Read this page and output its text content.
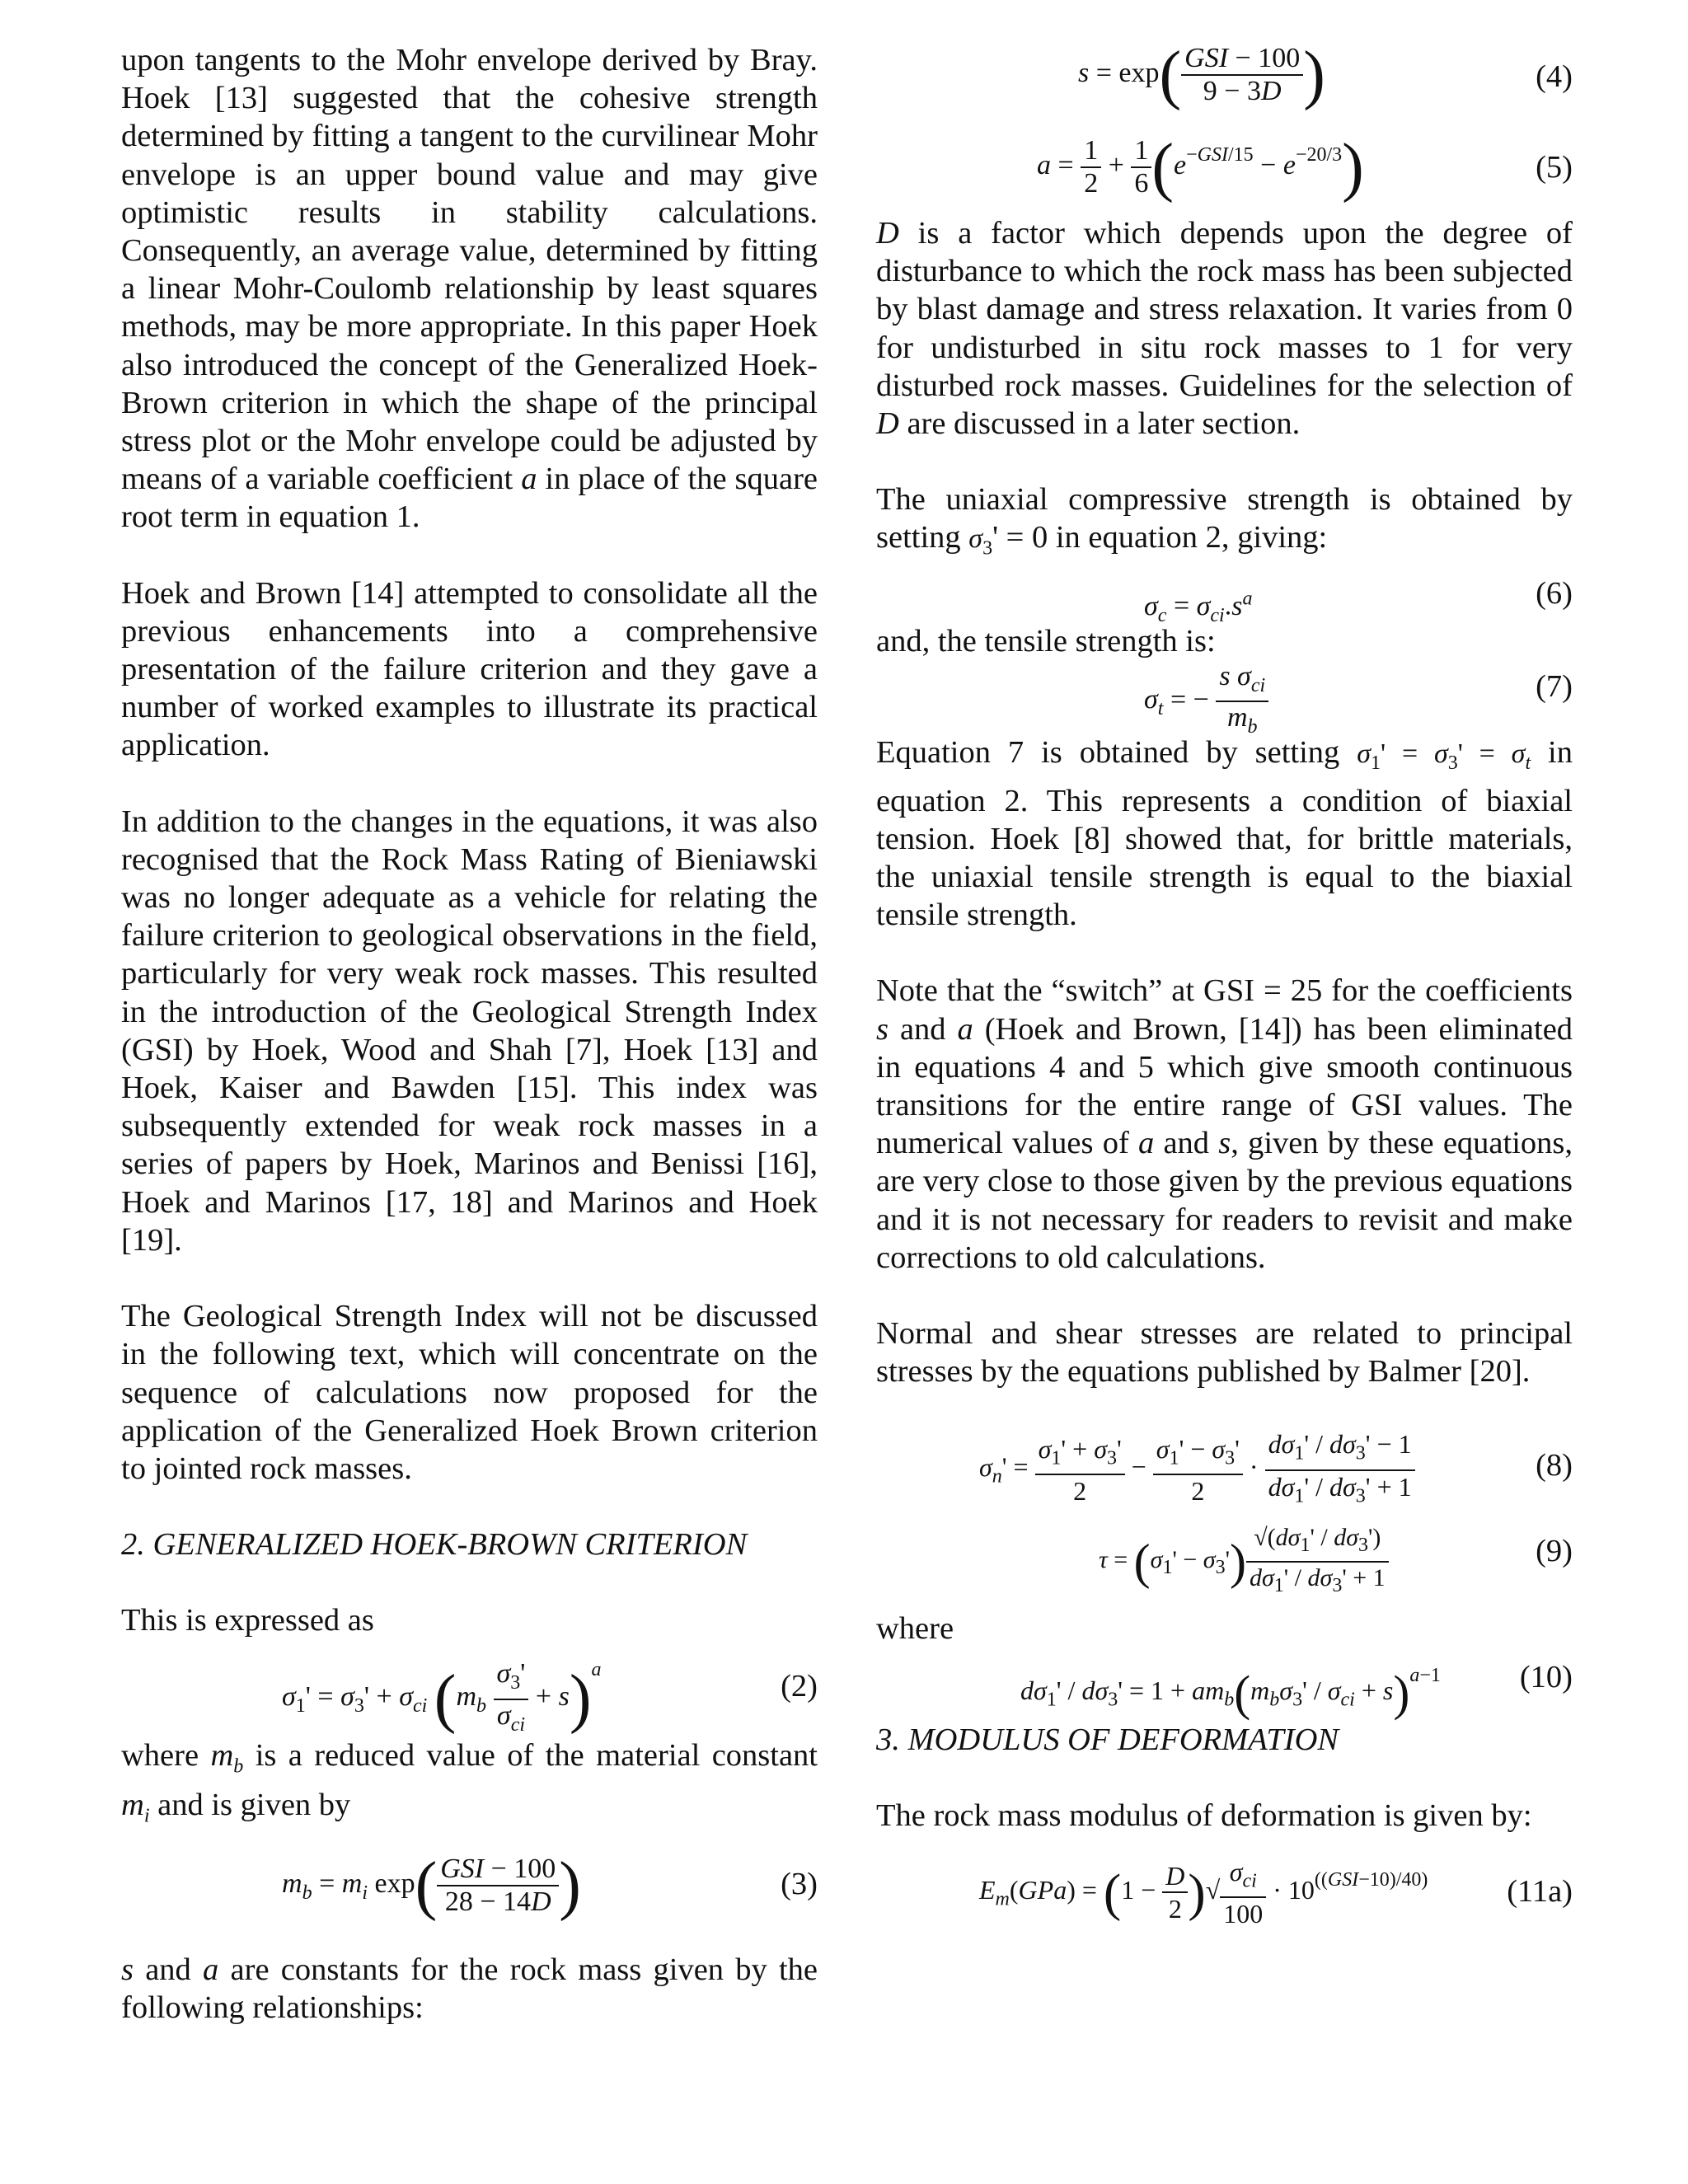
upon tangents to the Mohr envelope derived by Bray. Hoek [13] suggested that the cohesive strength determined by fitting a tangent to the curvilinear Mohr envelope is an upper bound value and may give optimistic results in stability calculations. Consequently, an average value, determined by fitting a linear Mohr-Coulomb relationship by least squares methods, may be more appropriate. In this paper Hoek also introduced the concept of the Generalized Hoek-Brown criterion in which the shape of the principal stress plot or the Mohr envelope could be adjusted by means of a variable coefficient a in place of the square root term in equation 1.

Hoek and Brown [14] attempted to consolidate all the previous enhancements into a comprehensive presentation of the failure criterion and they gave a number of worked examples to illustrate its practical application.

In addition to the changes in the equations, it was also recognised that the Rock Mass Rating of Bieniawski was no longer adequate as a vehicle for relating the failure criterion to geological observations in the field, particularly for very weak rock masses. This resulted in the introduction of the Geological Strength Index (GSI) by Hoek, Wood and Shah [7], Hoek [13] and Hoek, Kaiser and Bawden [15]. This index was subsequently extended for weak rock masses in a series of papers by Hoek, Marinos and Benissi [16], Hoek and Marinos [17, 18] and Marinos and Hoek [19].

The Geological Strength Index will not be discussed in the following text, which will concentrate on the sequence of calculations now proposed for the application of the Generalized Hoek Brown criterion to jointed rock masses.

2. GENERALIZED HOEK-BROWN CRITERION

This is expressed as

$\sigma_1' = \sigma_3' + \sigma_{ci}$ $(m_b \frac{\sigma_3'}{\sigma_{ci}} + s)^a$	(2)

where $m_b$ is a reduced value of the material constant $m_i$ and is given by

$m_b = m_i$ $\exp( \frac{\text{GSI − 100}}{28 - 14D}$ )	(3)

s and a are constants for the rock mass given by the following relationships:

$s = \exp( \frac{\text{GSI − 100}}{9 - 3D}$ )	(4)
$a = \frac{1}{2} + \frac{1}{6} (e^{-GSI/15} - e^{-20/3})$	(5)

D is a factor which depends upon the degree of disturbance to which the rock mass has been subjected by blast damage and stress relaxation. It varies from 0 for undisturbed in situ rock masses to 1 for very disturbed rock masses. Guidelines for the selection of D are discussed in a later section.

The uniaxial compressive strength is obtained by setting $\sigma_3' = 0$ in equation 2, giving:

$\sigma_c = \sigma_{ci}.s^a$	(6)

and, the tensile strength is:

$\sigma_t$ = − $\frac{s \sigma_{ci}}{m_b}$	(7)

Equation 7 is obtained by setting $\sigma_1' = \sigma_3' = \sigma_t$ in equation 2. This represents a condition of biaxial tension. Hoek [8] showed that, for brittle materials, the uniaxial tensile strength is equal to the biaxial tensile strength.

Note that the “switch” at GSI = 25 for the coefficients s and a (Hoek and Brown, [14]) has been eliminated in equations 4 and 5 which give smooth continuous transitions for the entire range of GSI values. The numerical values of a and s, given by these equations, are very close to those given by the previous equations and it is not necessary for readers to revisit and make corrections to old calculations.

Normal and shear stresses are related to principal stresses by the equations published by Balmer [20].

$\sigma_n' = \frac{\sigma_1' + \sigma_3'}{2} - \frac{\sigma_1' - \sigma_3'}{2} \cdot \frac{d\sigma_1' / d\sigma_3' - 1}{d\sigma_1' / d\sigma_3' + 1}$	(8)
$\tau = (\sigma_1' - \sigma_3') \frac{√(d\sigma_1' / d\sigma_3')}{d\sigma_1' / d\sigma_3' + 1}$	(9)

where

$d\sigma_1' / d\sigma_3' = 1 + am_b(m_b\sigma_3' / \sigma_{ci} + s)^{a-1}$ (10)
3. MODULUS OF DEFORMATION

The rock mass modulus of deformation is given by:

$E_m(GPa) = (1 - \frac{D}{2}$ )√ $\frac{\sigma_{ci}}{100} \cdot 10^{((GSI-10)/40)}$ (11a)
